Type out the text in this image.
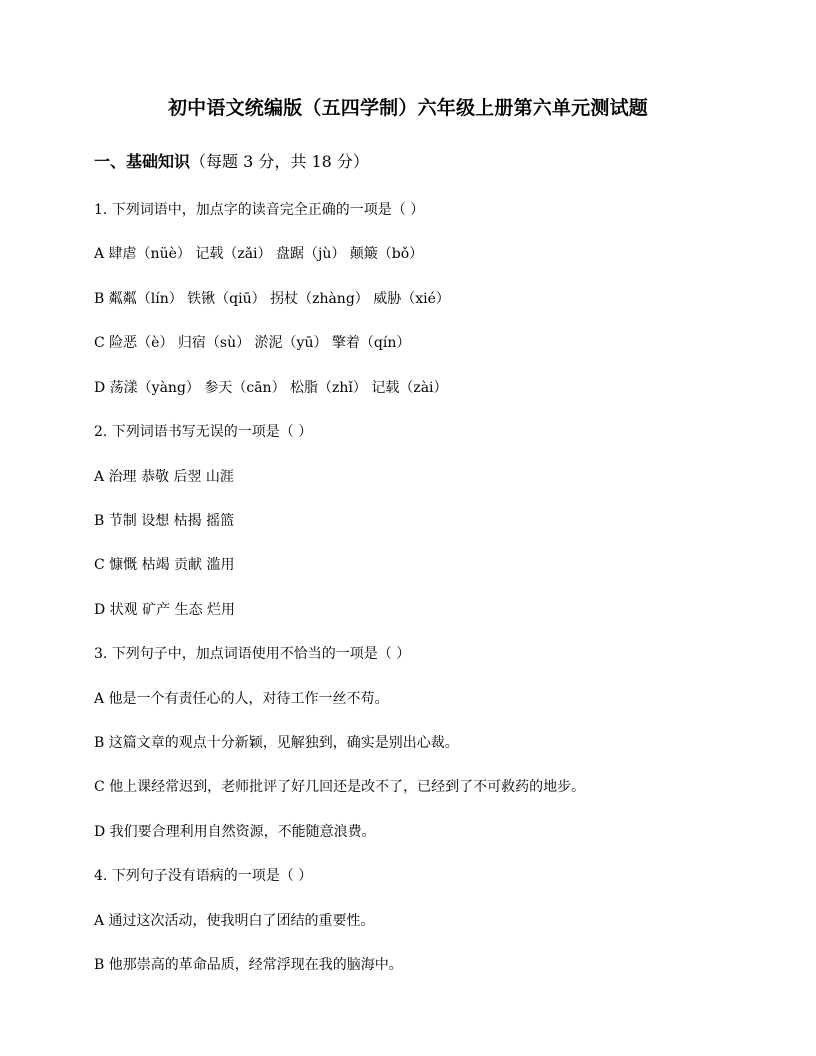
初中语文统编版（五四学制）六年级上册第六单元测试题
一、基础知识（每题 3 分，共 18 分）
1. 下列词语中，加点字的读音完全正确的一项是（ ）
A 肆虐（nüè） 记载（zǎi） 盘踞（jù） 颠簸（bǒ）
B 粼粼（lín） 铁锹（qiū） 拐杖（zhàng） 威胁（xié）
C 险恶（è） 归宿（sù） 淤泥（yū） 擎着（qín）
D 荡漾（yàng） 参天（cān） 松脂（zhǐ） 记载（zài）
2. 下列词语书写无误的一项是（ ）
A 治理 恭敬 后翌 山涯
B 节制 设想 枯揭 摇篮
C 慷慨 枯竭 贡献 滥用
D 状观 矿产 生态 烂用
3. 下列句子中，加点词语使用不恰当的一项是（ ）
A 他是一个有责任心的人，对待工作一丝不苟。
B 这篇文章的观点十分新颖，见解独到，确实是别出心裁。
C 他上课经常迟到，老师批评了好几回还是改不了，已经到了不可救药的地步。
D 我们要合理利用自然资源，不能随意浪费。
4. 下列句子没有语病的一项是（ ）
A 通过这次活动，使我明白了团结的重要性。
B 他那崇高的革命品质，经常浮现在我的脑海中。
